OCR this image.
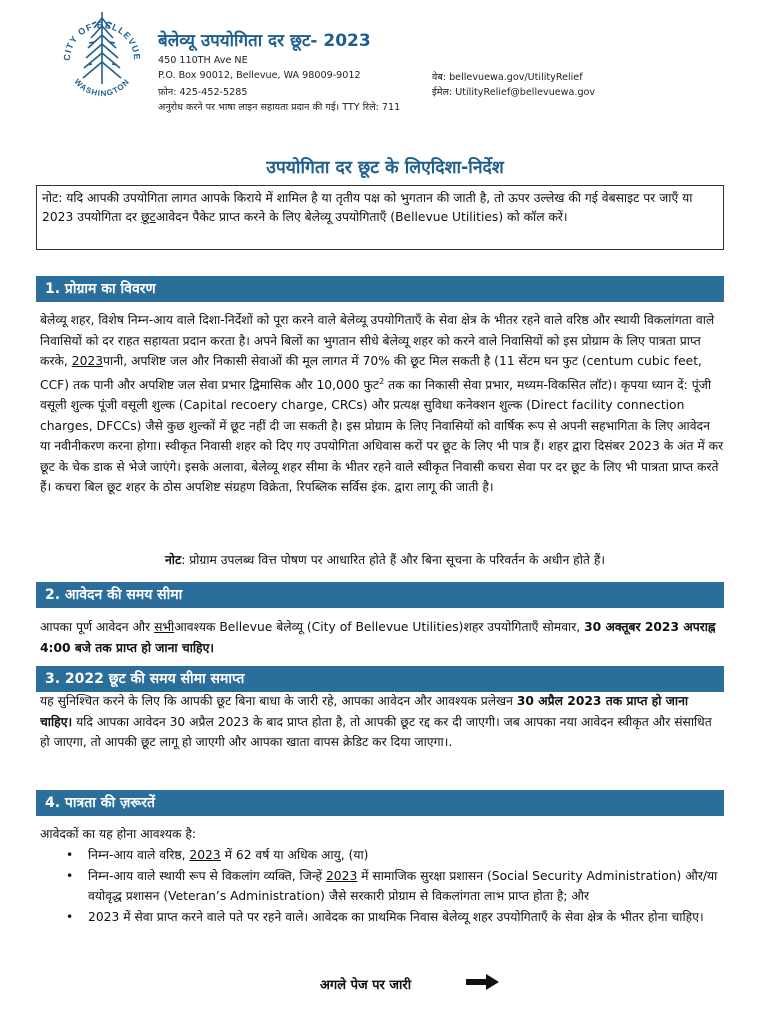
CITY OF BELLEVUE
WASHINGTON
बेलेव्यू उपयोगिता दर छूट- 2023
450 110TH Ave NE
P.O. Box 90012, Bellevue, WA 98009-9012
फ़ोन: 425-452-5285
अनुरोध करने पर भाषा लाइन सहायता प्रदान की गई। TTY रिले: 711
वेब: bellevuewa.gov/UtilityRelief
ईमेल: UtilityRelief@bellevuewa.gov
उपयोगिता दर छूट के लिएदिशा-निर्देश
नोट: यदि आपकी उपयोगिता लागत आपके किराये में शामिल है या तृतीय पक्ष को भुगतान की जाती है, तो ऊपर उल्लेख की गई वेबसाइट पर जाएँ या 2023 उपयोगिता दर छूटआवेदन पैकेट प्राप्त करने के लिए बेलेव्यू उपयोगिताएँ (Bellevue Utilities) को कॉल करें।
1. प्रोग्राम का विवरण
बेलेव्यू शहर, विशेष निम्न-आय वाले दिशा-निर्देशों को पूरा करने वाले बेलेव्यू उपयोगिताएँ के सेवा क्षेत्र के भीतर रहने वाले वरिष्ठ और स्थायी विकलांगता वाले निवासियों को दर राहत सहायता प्रदान करता है। अपने बिलों का भुगतान सीधे बेलेव्यू शहर को करने वाले निवासियों को इस प्रोग्राम के लिए पात्रता प्राप्त करके, 2023पानी, अपशिष्ट जल और निकासी सेवाओं की मूल लागत में 70% की छूट मिल सकती है (11 सेंटम घन फुट (centum cubic feet, CCF) तक पानी और अपशिष्ट जल सेवा प्रभार द्विमासिक और 10,000 फुट$^2$ तक का निकासी सेवा प्रभार, मध्यम-विकसित लॉट)। कृपया ध्यान दें: पूंजी वसूली शुल्क पूंजी वसूली शुल्क (Capital recoery charge, CRCs) और प्रत्यक्ष सुविधा कनेक्शन शुल्क (Direct facility connection charges, DFCCs) जैसे कुछ शुल्कों में छूट नहीं दी जा सकती है। इस प्रोग्राम के लिए निवासियों को वार्षिक रूप से अपनी सहभागिता के लिए आवेदन या नवीनीकरण करना होगा। स्वीकृत निवासी शहर को दिए गए उपयोगिता अधिवास करों पर छूट के लिए भी पात्र हैं। शहर द्वारा दिसंबर 2023 के अंत में कर छूट के चेक डाक से भेजे जाएंगे। इसके अलावा, बेलेव्यू शहर सीमा के भीतर रहने वाले स्वीकृत निवासी कचरा सेवा पर दर छूट के लिए भी पात्रता प्राप्त करते हैं। कचरा बिल छूट शहर के ठोस अपशिष्ट संग्रहण विक्रेता, रिपब्लिक सर्विस इंक. द्वारा लागू की जाती है।
नोट: प्रोग्राम उपलब्ध वित्त पोषण पर आधारित होते हैं और बिना सूचना के परिवर्तन के अधीन होते हैं।
2. आवेदन की समय सीमा
आपका पूर्ण आवेदन और सभीआवश्यक Bellevue बेलेव्यू (City of Bellevue Utilities)शहर उपयोगिताएँ सोमवार, 30 अक्तूबर 2023 अपराह्न 4:00 बजे तक प्राप्त हो जाना चाहिए।
3. 2022 छूट की समय सीमा समाप्त
यह सुनिश्चित करने के लिए कि आपकी छूट बिना बाधा के जारी रहे, आपका आवेदन और आवश्यक प्रलेखन 30 अप्रैल 2023 तक प्राप्त हो जाना चाहिए। यदि आपका आवेदन 30 अप्रैल 2023 के बाद प्राप्त होता है, तो आपकी छूट रद्द कर दी जाएगी। जब आपका नया आवेदन स्वीकृत और संसाधित हो जाएगा, तो आपकी छूट लागू हो जाएगी और आपका खाता वापस क्रेडिट कर दिया जाएगा।.
4. पात्रता की ज़रूरतें
आवेदकों का यह होना आवश्यक है:
• निम्न-आय वाले वरिष्ठ, 2023 में 62 वर्ष या अधिक आयु, (या)
• निम्न-आय वाले स्थायी रूप से विकलांग व्यक्ति, जिन्हें 2023 में सामाजिक सुरक्षा प्रशासन (Social Security Administration) और/या वयोवृद्ध प्रशासन (Veteran’s Administration) जैसे सरकारी प्रोग्राम से विकलांगता लाभ प्राप्त होता है; और
• 2023 में सेवा प्राप्त करने वाले पते पर रहने वाले। आवेदक का प्राथमिक निवास बेलेव्यू शहर उपयोगिताएँ के सेवा क्षेत्र के भीतर होना चाहिए।
अगले पेज पर जारी
